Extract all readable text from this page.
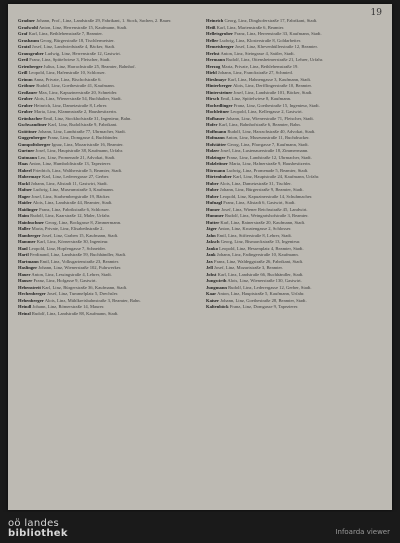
19
Gradner Johann, Prof., Linz, Landstraße 29, Fabrikant, 1. Stock, Sachen, 2. Bauer.
Gradwohl Anton, Linz, Herrenstraße 15, Kaufmann, Stadt.
Graf Karl, Linz, Bethlehemstraße 7, Beamter.
Grasbaum Georg, Bürgerstraße 18, Tischlermeister.
Gratzl Josef, Linz, Landwiedstraße 4, Bäcker, Stadt.
Grausgruber Ludwig, Linz, Herrenstraße 12, Gastwirt.
Greil Franz, Linz, Spittelwiese 3, Fleischer, Stadt.
Grienberger Julius, Linz, Harrachstraße 25, Beamter, Bahnhof.
Grill Leopold, Linz, Hafenstraße 10, Schlosser.
Grimm Anna, Private, Linz, Bischofstraße 6.
Gröbner Rudolf, Linz, Goethestraße 41, Kaufmann.
Großauer Max, Linz, Kapuzinerstraße 20, Schneider.
Gruber Alois, Linz, Wienerstraße 54, Buchhalter, Stadt.
Gruber Heinrich, Linz, Dametzstraße 8, Lehrer.
Gruber Maria, Linz, Klammstraße 2, Hausbesitzerin.
Grünbacher Emil, Linz, Stockhofstraße 31, Ingenieur, Bahn.
Gschwandtner Karl, Linz, Rudolfstraße 9, Fabrikant.
Gstöttner Johann, Linz, Landstraße 77, Uhrmacher, Stadt.
Guggenberger Franz, Linz, Domgasse 4, Buchbinder.
Gumpoltsberger Ignaz, Linz, Mozartstraße 16, Beamter.
Gurtner Josef, Linz, Hauptstraße 38, Kaufmann, Urfahr.
Gutmann Leo, Linz, Promenade 21, Advokat, Stadt.
Haas Anton, Linz, Humboldtstraße 13, Tapezierer.
Haberl Friedrich, Linz, Waltherstraße 5, Beamter, Stadt.
Habermayr Karl, Linz, Lederergasse 27, Gerber.
Hackl Johann, Linz, Altstadt 11, Gastwirt, Stadt.
Hafner Ludwig, Linz, Museumstraße 3, Kaufmann.
Hager Josef, Linz, Starhembergstraße 19, Bäcker.
Haider Alois, Linz, Landstraße 44, Beamter, Stadt.
Haidinger Franz, Linz, Fabrikstraße 6, Schlosser.
Haim Rudolf, Linz, Kaarstraße 12, Maler, Urfahr.
Hainbuchner Georg, Linz, Bockgasse 8, Zimmermann.
Haller Maria, Private, Linz, Elisabethstraße 2.
Hamberger Josef, Linz, Graben 15, Kaufmann, Stadt.
Hammer Karl, Linz, Körnerstraße 30, Ingenieur.
Hanl Leopold, Linz, Hopfengasse 7, Schneider.
Hartl Ferdinand, Linz, Landstraße 59, Buchhändler, Stadt.
Hartmann Emil, Linz, Volksgartenstraße 23, Beamter.
Haslinger Johann, Linz, Wienerstraße 102, Fuhrwerker.
Hauer Anton, Linz, Lessingstraße 4, Lehrer, Stadt.
Hauser Franz, Linz, Hofgasse 9, Gastwirt.
Hebenstreit Karl, Linz, Bürgerstraße 36, Kaufmann, Stadt.
Hechenberger Josef, Linz, Tummelplatz 5, Drechsler.
Hehenberger Alois, Linz, Mühlkreisbahnstraße 3, Beamter, Bahn.
Heindl Johann, Linz, Römerstraße 14, Maurer.
Heinzl Rudolf, Linz, Landstraße 88, Kaufmann, Stadt.
Heinrich Georg, Linz, Dinghoferstraße 17, Fabrikant, Stadt.
Heiß Karl, Linz, Marienstraße 6, Beamter.
Helletsgruber Franz, Linz, Herrenstraße 33, Kaufmann, Stadt.
Heller Ludwig, Linz, Klosterstraße 8, Goldarbeiter.
Hemetsberger Josef, Linz, Khevenhüllerstraße 12, Beamter.
Herbst Anton, Linz, Steingasse 4, Sattler, Stadt.
Hermann Rudolf, Linz, Ottensheimerstraße 21, Lehrer, Urfahr.
Herzog Maria, Private, Linz, Bethlehemstraße 19.
Hiebl Johann, Linz, Franckstraße 27, Schmied.
Hieslmayr Karl, Linz, Hahnengasse 3, Kaufmann, Stadt.
Hinterberger Alois, Linz, Derfflingerstraße 10, Beamter.
Hintersteiner Josef, Linz, Landstraße 101, Bäcker, Stadt.
Hirsch Emil, Linz, Spittelwiese 8, Kaufmann.
Hochedlinger Franz, Linz, Goethestraße 15, Ingenieur, Stadt.
Hochleitner Leopold, Linz, Kellergasse 2, Gastwirt.
Hofbauer Johann, Linz, Wienerstraße 71, Fleischer, Stadt.
Hofer Karl, Linz, Bahnhofstraße 6, Beamter, Bahn.
Hoffmann Rudolf, Linz, Harrachstraße 40, Advokat, Stadt.
Hofmann Anton, Linz, Museumstraße 11, Buchdrucker.
Hofstätter Georg, Linz, Pfarrgasse 7, Kaufmann, Stadt.
Holzer Josef, Linz, Lustenauerstraße 18, Zimmermann.
Holzinger Franz, Linz, Landstraße 12, Uhrmacher, Stadt.
Holzleitner Maria, Linz, Hafnerstraße 9, Hausbesitzerin.
Hörmann Ludwig, Linz, Promenade 5, Beamter, Stadt.
Hörtenhuber Karl, Linz, Hauptstraße 24, Kaufmann, Urfahr.
Huber Alois, Linz, Dametzstraße 31, Tischler.
Huber Johann, Linz, Bürgerstraße 9, Beamter, Stadt.
Huber Leopold, Linz, Kapuzinerstraße 14, Schuhmacher.
Hufnagl Franz, Linz, Altstadt 6, Gastwirt, Stadt.
Humer Josef, Linz, Wiener Reichsstraße 45, Landwirt.
Hummer Rudolf, Linz, Weingartshofstraße 3, Beamter.
Hutter Karl, Linz, Rainerstraße 20, Kaufmann, Stadt.
Jäger Anton, Linz, Kroatengasse 2, Schlosser.
Jahn Emil, Linz, Stifterstraße 8, Lehrer, Stadt.
Jaksch Georg, Linz, Bismarckstraße 13, Ingenieur.
Janko Leopold, Linz, Hessenplatz 4, Beamter, Stadt.
Jank Johann, Linz, Fadingerstraße 10, Kaufmann.
Jax Franz, Linz, Waldeggstraße 26, Fabrikant, Stadt.
Jell Josef, Linz, Mozartstraße 3, Beamter.
Jobst Karl, Linz, Landstraße 66, Buchhändler, Stadt.
Jungwirth Alois, Linz, Wienerstraße 130, Gastwirt.
Jungmann Rudolf, Linz, Lederergasse 12, Gerber, Stadt.
Kaar Anton, Linz, Hauptstraße 5, Kaufmann, Urfahr.
Kaiser Johann, Linz, Goethestraße 28, Beamter, Stadt.
Kaltenböck Franz, Linz, Domgasse 9, Tapezierer.
oö landes
bibliothek	Infoarda viewer
